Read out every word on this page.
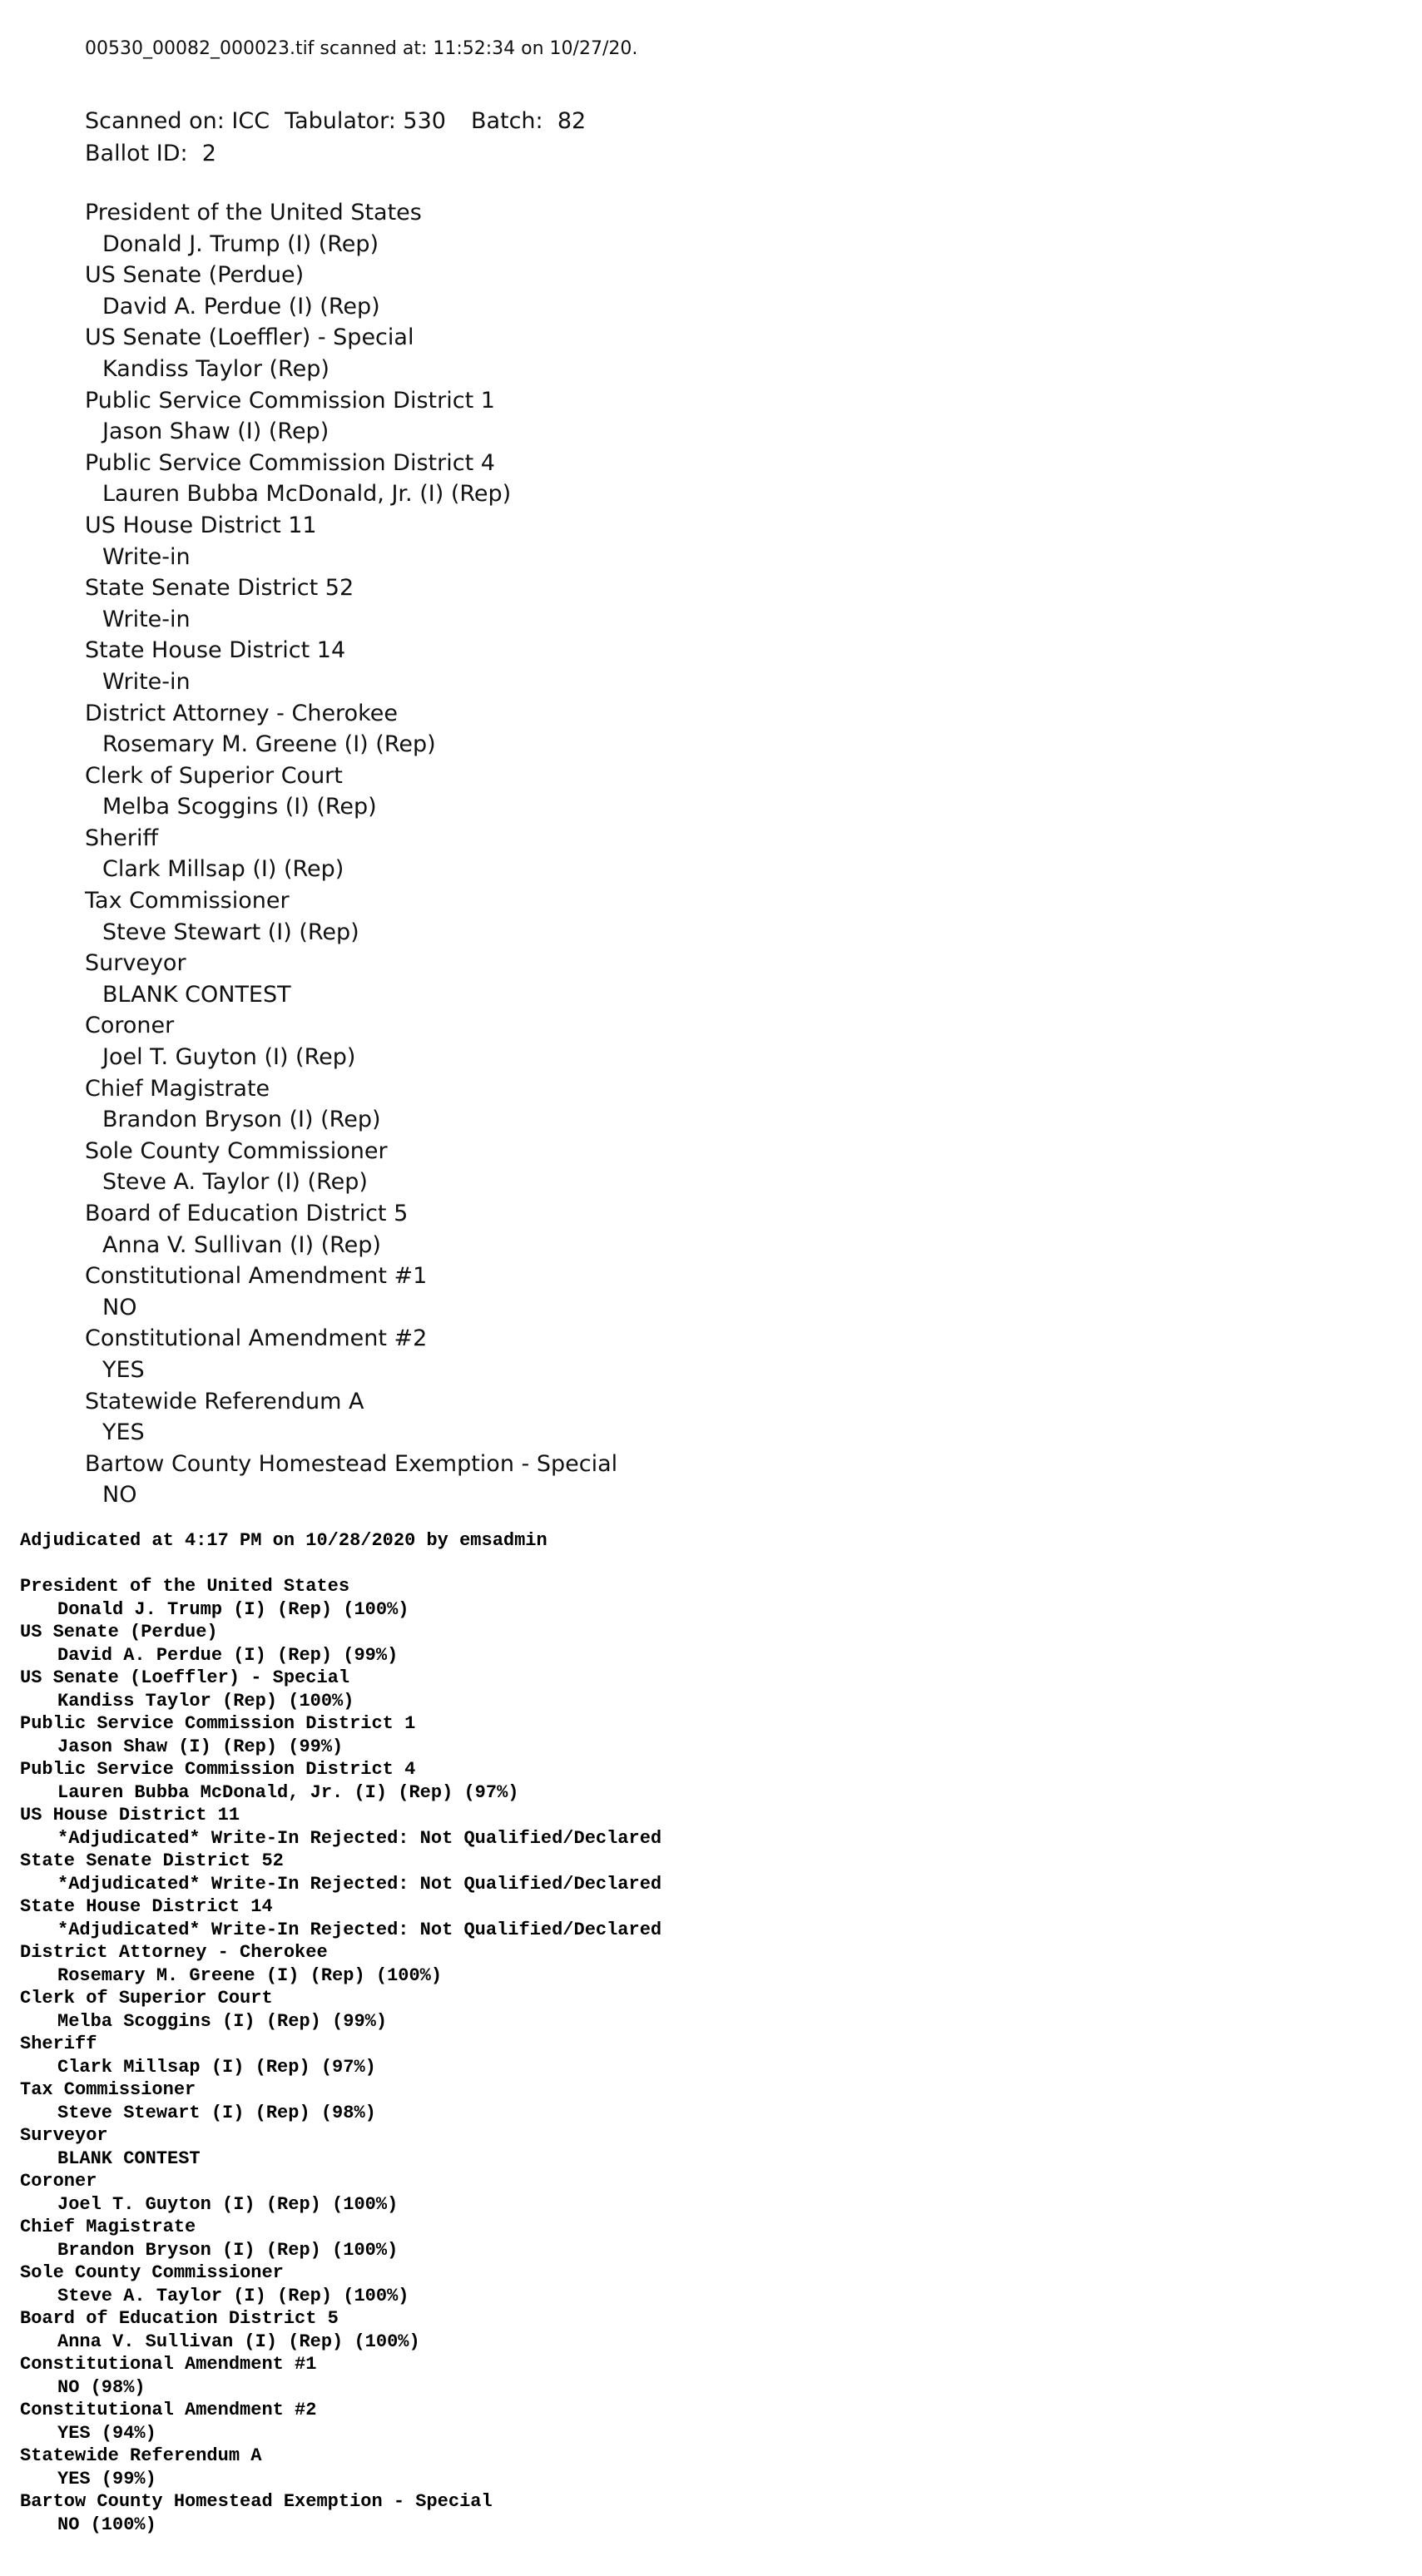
00530_00082_000023.tif scanned at: 11:52:34 on 10/27/20.
Scanned on: ICC Tabulator: 530 Batch: 82
Ballot ID: 2
President of the United States
Donald J. Trump (I) (Rep)
US Senate (Perdue)
David A. Perdue (I) (Rep)
US Senate (Loeffler) - Special
Kandiss Taylor (Rep)
Public Service Commission District 1
Jason Shaw (I) (Rep)
Public Service Commission District 4
Lauren Bubba McDonald, Jr. (I) (Rep)
US House District 11
Write-in
State Senate District 52
Write-in
State House District 14
Write-in
District Attorney - Cherokee
Rosemary M. Greene (I) (Rep)
Clerk of Superior Court
Melba Scoggins (I) (Rep)
Sheriff
Clark Millsap (I) (Rep)
Tax Commissioner
Steve Stewart (I) (Rep)
Surveyor
BLANK CONTEST
Coroner
Joel T. Guyton (I) (Rep)
Chief Magistrate
Brandon Bryson (I) (Rep)
Sole County Commissioner
Steve A. Taylor (I) (Rep)
Board of Education District 5
Anna V. Sullivan (I) (Rep)
Constitutional Amendment #1
NO
Constitutional Amendment #2
YES
Statewide Referendum A
YES
Bartow County Homestead Exemption - Special
NO
Adjudicated at 4:17 PM on 10/28/2020 by emsadmin
President of the United States
Donald J. Trump (I) (Rep) (100%)
US Senate (Perdue)
David A. Perdue (I) (Rep) (99%)
US Senate (Loeffler) - Special
Kandiss Taylor (Rep) (100%)
Public Service Commission District 1
Jason Shaw (I) (Rep) (99%)
Public Service Commission District 4
Lauren Bubba McDonald, Jr. (I) (Rep) (97%)
US House District 11
*Adjudicated* Write-In Rejected: Not Qualified/Declared
State Senate District 52
*Adjudicated* Write-In Rejected: Not Qualified/Declared
State House District 14
*Adjudicated* Write-In Rejected: Not Qualified/Declared
District Attorney - Cherokee
Rosemary M. Greene (I) (Rep) (100%)
Clerk of Superior Court
Melba Scoggins (I) (Rep) (99%)
Sheriff
Clark Millsap (I) (Rep) (97%)
Tax Commissioner
Steve Stewart (I) (Rep) (98%)
Surveyor
BLANK CONTEST
Coroner
Joel T. Guyton (I) (Rep) (100%)
Chief Magistrate
Brandon Bryson (I) (Rep) (100%)
Sole County Commissioner
Steve A. Taylor (I) (Rep) (100%)
Board of Education District 5
Anna V. Sullivan (I) (Rep) (100%)
Constitutional Amendment #1
NO (98%)
Constitutional Amendment #2
YES (94%)
Statewide Referendum A
YES (99%)
Bartow County Homestead Exemption - Special
NO (100%)
